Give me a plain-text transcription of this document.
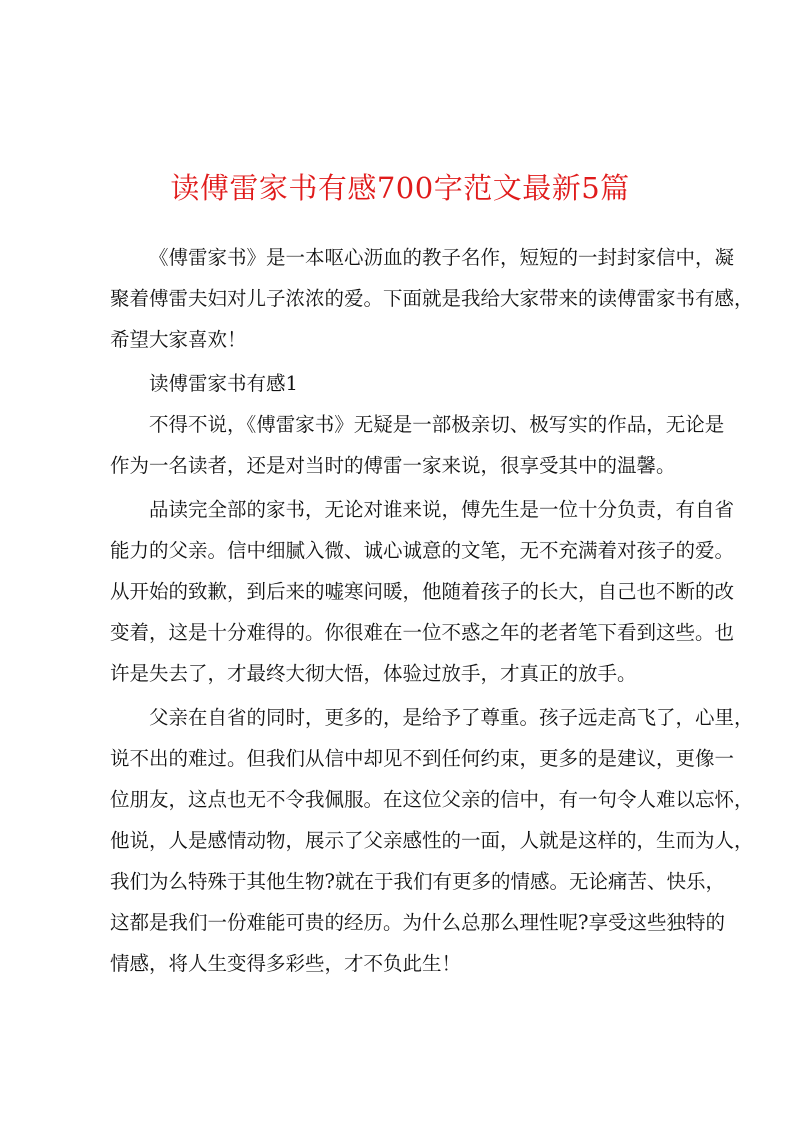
读傅雷家书有感700字范文最新5篇

《傅雷家书》是一本呕心沥血的教子名作，短短的一封封家信中，凝
聚着傅雷夫妇对儿子浓浓的爱。下面就是我给大家带来的读傅雷家书有感，
希望大家喜欢！

读傅雷家书有感1

不得不说，《傅雷家书》无疑是一部极亲切、极写实的作品，无论是
作为一名读者，还是对当时的傅雷一家来说，很享受其中的温馨。

品读完全部的家书，无论对谁来说，傅先生是一位十分负责，有自省
能力的父亲。信中细腻入微、诚心诚意的文笔，无不充满着对孩子的爱。
从开始的致歉，到后来的嘘寒问暖，他随着孩子的长大，自己也不断的改
变着，这是十分难得的。你很难在一位不惑之年的老者笔下看到这些。也
许是失去了，才最终大彻大悟，体验过放手，才真正的放手。

父亲在自省的同时，更多的，是给予了尊重。孩子远走高飞了，心里，
说不出的难过。但我们从信中却见不到任何约束，更多的是建议，更像一
位朋友，这点也无不令我佩服。在这位父亲的信中，有一句令人难以忘怀，
他说，人是感情动物，展示了父亲感性的一面，人就是这样的，生而为人，
我们为么特殊于其他生物?就在于我们有更多的情感。无论痛苦、快乐，
这都是我们一份难能可贵的经历。为什么总那么理性呢?享受这些独特的
情感，将人生变得多彩些，才不负此生！
